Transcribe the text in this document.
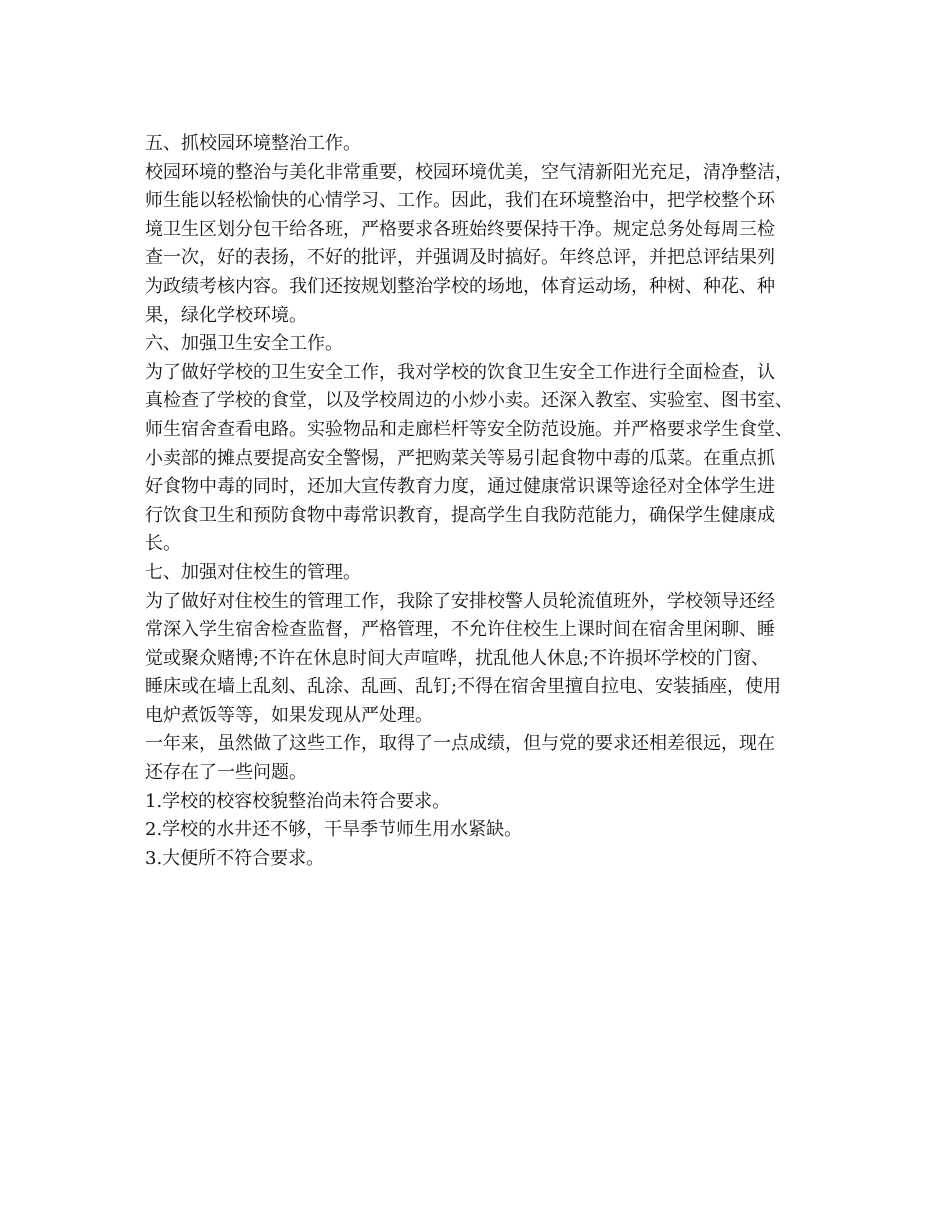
五、抓校园环境整治工作。
校园环境的整治与美化非常重要，校园环境优美，空气清新阳光充足，清净整洁，
师生能以轻松愉快的心情学习、工作。因此，我们在环境整治中，把学校整个环
境卫生区划分包干给各班，严格要求各班始终要保持干净。规定总务处每周三检
查一次，好的表扬，不好的批评，并强调及时搞好。年终总评，并把总评结果列
为政绩考核内容。我们还按规划整治学校的场地，体育运动场，种树、种花、种
果，绿化学校环境。
六、加强卫生安全工作。
为了做好学校的卫生安全工作，我对学校的饮食卫生安全工作进行全面检查，认
真检查了学校的食堂，以及学校周边的小炒小卖。还深入教室、实验室、图书室、
师生宿舍查看电路。实验物品和走廊栏杆等安全防范设施。并严格要求学生食堂、
小卖部的摊点要提高安全警惕，严把购菜关等易引起食物中毒的瓜菜。在重点抓
好食物中毒的同时，还加大宣传教育力度，通过健康常识课等途径对全体学生进
行饮食卫生和预防食物中毒常识教育，提高学生自我防范能力，确保学生健康成
长。
七、加强对住校生的管理。
为了做好对住校生的管理工作，我除了安排校警人员轮流值班外，学校领导还经
常深入学生宿舍检查监督，严格管理，不允许住校生上课时间在宿舍里闲聊、睡
觉或聚众赌博;不许在休息时间大声喧哗，扰乱他人休息;不许损坏学校的门窗、
睡床或在墙上乱刻、乱涂、乱画、乱钉;不得在宿舍里擅自拉电、安装插座，使用
电炉煮饭等等，如果发现从严处理。
一年来，虽然做了这些工作，取得了一点成绩，但与党的要求还相差很远，现在
还存在了一些问题。
1.学校的校容校貌整治尚未符合要求。
2.学校的水井还不够，干旱季节师生用水紧缺。
3.大便所不符合要求。
